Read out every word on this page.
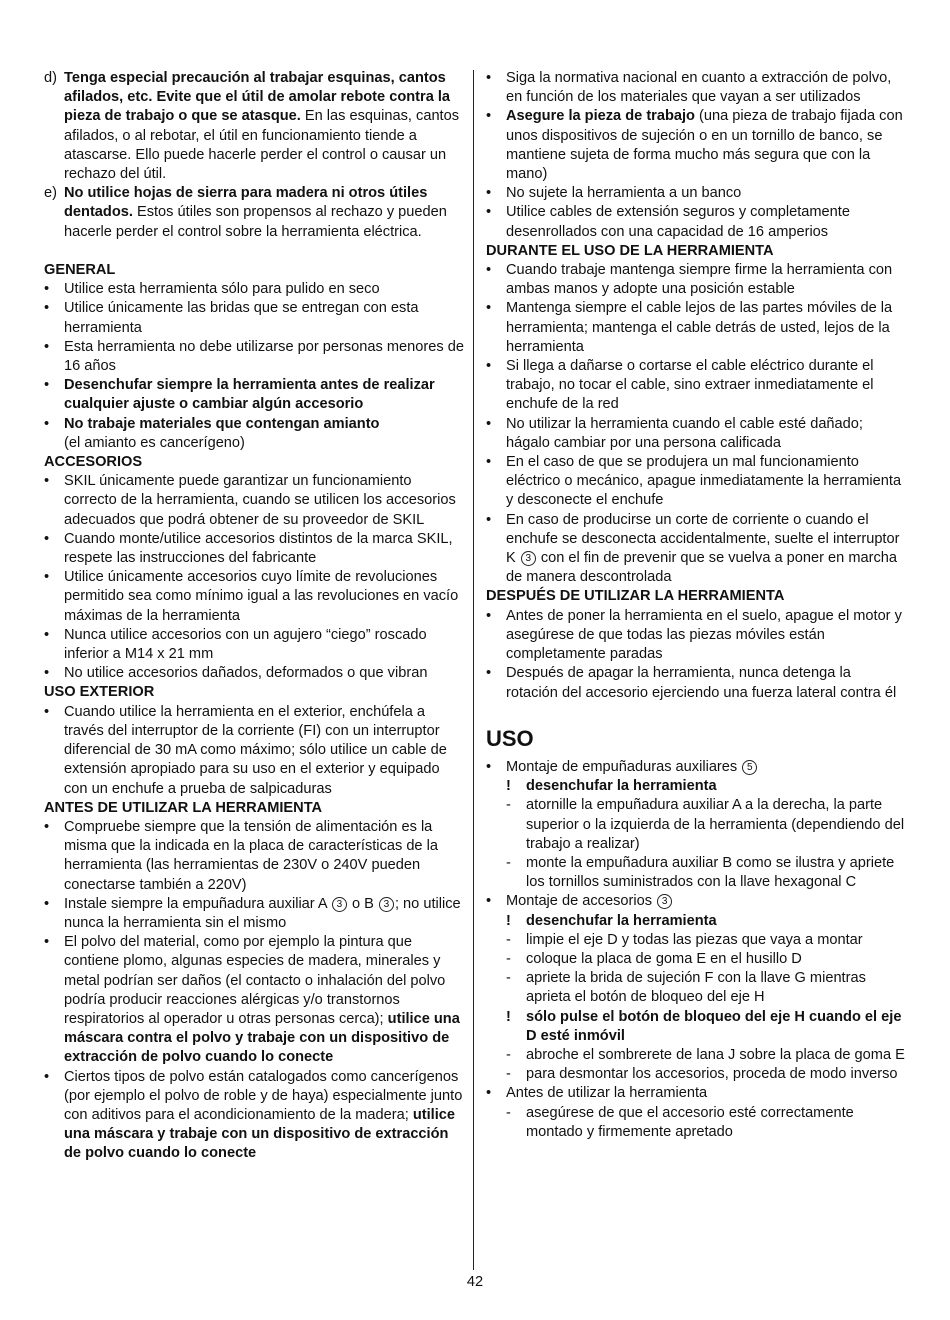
d) Tenga especial precaución al trabajar esquinas, cantos afilados, etc. Evite que el útil de amolar rebote contra la pieza de trabajo o que se atasque. En las esquinas, cantos afilados, o al rebotar, el útil en funcionamiento tiende a atascarse. Ello puede hacerle perder el control o causar un rechazo del útil.
e) No utilice hojas de sierra para madera ni otros útiles dentados. Estos útiles son propensos al rechazo y pueden hacerle perder el control sobre la herramienta eléctrica.
GENERAL
•	Utilice esta herramienta sólo para pulido en seco
•	Utilice únicamente las bridas que se entregan con esta herramienta
•	Esta herramienta no debe utilizarse por personas menores de 16 años
•	Desenchufar siempre la herramienta antes de realizar cualquier ajuste o cambiar algún accesorio
•	No trabaje materiales que contengan amianto
(el amianto es cancerígeno)
ACCESORIOS
•	SKIL únicamente puede garantizar un funcionamiento correcto de la herramienta, cuando se utilicen los accesorios adecuados que podrá obtener de su proveedor de SKIL
•	Cuando monte/utilice accesorios distintos de la marca SKIL, respete las instrucciones del fabricante
•	Utilice únicamente accesorios cuyo límite de revoluciones permitido sea como mínimo igual a las revoluciones en vacío máximas de la herramienta
•	Nunca utilice accesorios con un agujero “ciego” roscado inferior a M14 x 21 mm
•	No utilice accesorios dañados, deformados o que vibran
USO EXTERIOR
•	Cuando utilice la herramienta en el exterior, enchúfela a través del interruptor de la corriente (FI) con un interruptor diferencial de 30 mA como máximo; sólo utilice un cable de extensión apropiado para su uso en el exterior y equipado con un enchufe a prueba de salpicaduras
ANTES DE UTILIZAR LA HERRAMIENTA
•	Compruebe siempre que la tensión de alimentación es la misma que la indicada en la placa de características de la herramienta (las herramientas de 230V o 240V pueden conectarse también a 220V)
•	Instale siempre la empuñadura auxiliar A 3 o B 3 ; no utilice nunca la herramienta sin el mismo
•	El polvo del material, como por ejemplo la pintura que contiene plomo, algunas especies de madera, minerales y metal podrían ser daños (el contacto o inhalación del polvo podría producir reacciones alérgicas y/o transtornos respiratorios al operador u otras personas cerca); utilice una máscara contra el polvo y trabaje con un dispositivo de extracción de polvo cuando lo conecte
•	Ciertos tipos de polvo están catalogados como cancerígenos (por ejemplo el polvo de roble y de haya) especialmente junto con aditivos para el acondicionamiento de la madera; utilice una máscara y trabaje con un dispositivo de extracción de polvo cuando lo conecte
•	Siga la normativa nacional en cuanto a extracción de polvo, en función de los materiales que vayan a ser utilizados
•	Asegure la pieza de trabajo (una pieza de trabajo fijada con unos dispositivos de sujeción o en un tornillo de banco, se mantiene sujeta de forma mucho más segura que con la mano)
•	No sujete la herramienta a un banco
•	Utilice cables de extensión seguros y completamente desenrollados con una capacidad de 16 amperios
DURANTE EL USO DE LA HERRAMIENTA
•	Cuando trabaje mantenga siempre firme la herramienta con ambas manos y adopte una posición estable
•	Mantenga siempre el cable lejos de las partes móviles de la herramienta; mantenga el cable detrás de usted, lejos de la herramienta
•	Si llega a dañarse o cortarse el cable eléctrico durante el trabajo, no tocar el cable, sino extraer inmediatamente el enchufe de la red
•	No utilizar la herramienta cuando el cable esté dañado; hágalo cambiar por una persona calificada
•	En el caso de que se produjera un mal funcionamiento eléctrico o mecánico, apague inmediatamente la herramienta y desconecte el enchufe
•	En caso de producirse un corte de corriente o cuando el enchufe se desconecta accidentalmente, suelte el interruptor K 3 con el fin de prevenir que se vuelva a poner en marcha de manera descontrolada
DESPUÉS DE UTILIZAR LA HERRAMIENTA
•	Antes de poner la herramienta en el suelo, apague el motor y asegúrese de que todas las piezas móviles están completamente paradas
•	Después de apagar la herramienta, nunca detenga la rotación del accesorio ejerciendo una fuerza lateral contra él
USO
•	Montaje de empuñaduras auxiliares 5
!	desenchufar la herramienta
-	atornille la empuñadura auxiliar A a la derecha, la parte superior o la izquierda de la herramienta (dependiendo del trabajo a realizar)
-	monte la empuñadura auxiliar B como se ilustra y apriete los tornillos suministrados con la llave hexagonal C
•	Montaje de accesorios 3
!	desenchufar la herramienta
-	limpie el eje D y todas las piezas que vaya a montar
-	coloque la placa de goma E en el husillo D
-	apriete la brida de sujeción F con la llave G mientras aprieta el botón de bloqueo del eje H
!	sólo pulse el botón de bloqueo del eje H cuando el eje D esté inmóvil
-	abroche el sombrerete de lana J sobre la placa de goma E
-	para desmontar los accesorios, proceda de modo inverso
•	Antes de utilizar la herramienta
-	asegúrese de que el accesorio esté correctamente montado y firmemente apretado
42
